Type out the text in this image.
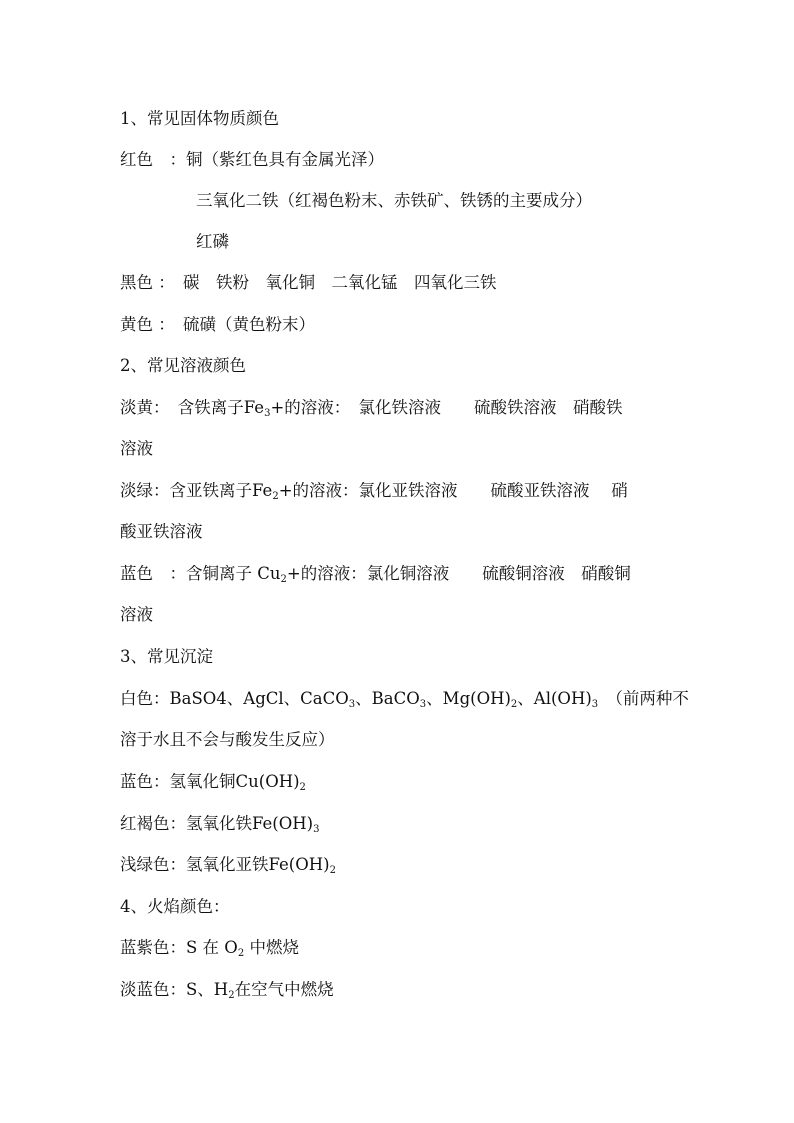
1、常见固体物质颜色
红色　：铜（紫红色具有金属光泽）
三氧化二铁（红褐色粉末、赤铁矿、铁锈的主要成分）
红磷
黑色 ：　碳　铁粉　氧化铜　二氧化锰　四氧化三铁
黄色 ：　硫磺（黄色粉末）
2、常见溶液颜色
淡黄：　含铁离子$Fe_3+$的溶液：　氯化铁溶液　　硫酸铁溶液　硝酸铁
溶液
淡绿：含亚铁离子$Fe_2+$的溶液：氯化亚铁溶液　　硫酸亚铁溶液　 硝
酸亚铁溶液
蓝色　：含铜离子 $Cu_2+$的溶液：氯化铜溶液　　硫酸铜溶液　硝酸铜
溶液
3、常见沉淀
白色：BaSO4、AgCl、CaCO$_3$、BaCO$_3$、$Mg(OH)_2$、$Al(OH)_3$　（前两种不
溶于水且不会与酸发生反应）
蓝色：氢氧化铜$Cu(OH)_2$
红褐色：氢氧化铁$Fe(OH)_3$
浅绿色：氢氧化亚铁$Fe(OH)_2$
4、火焰颜色：
蓝紫色：S 在 $O_2$ 中燃烧
淡蓝色：S、$H_2$在空气中燃烧
